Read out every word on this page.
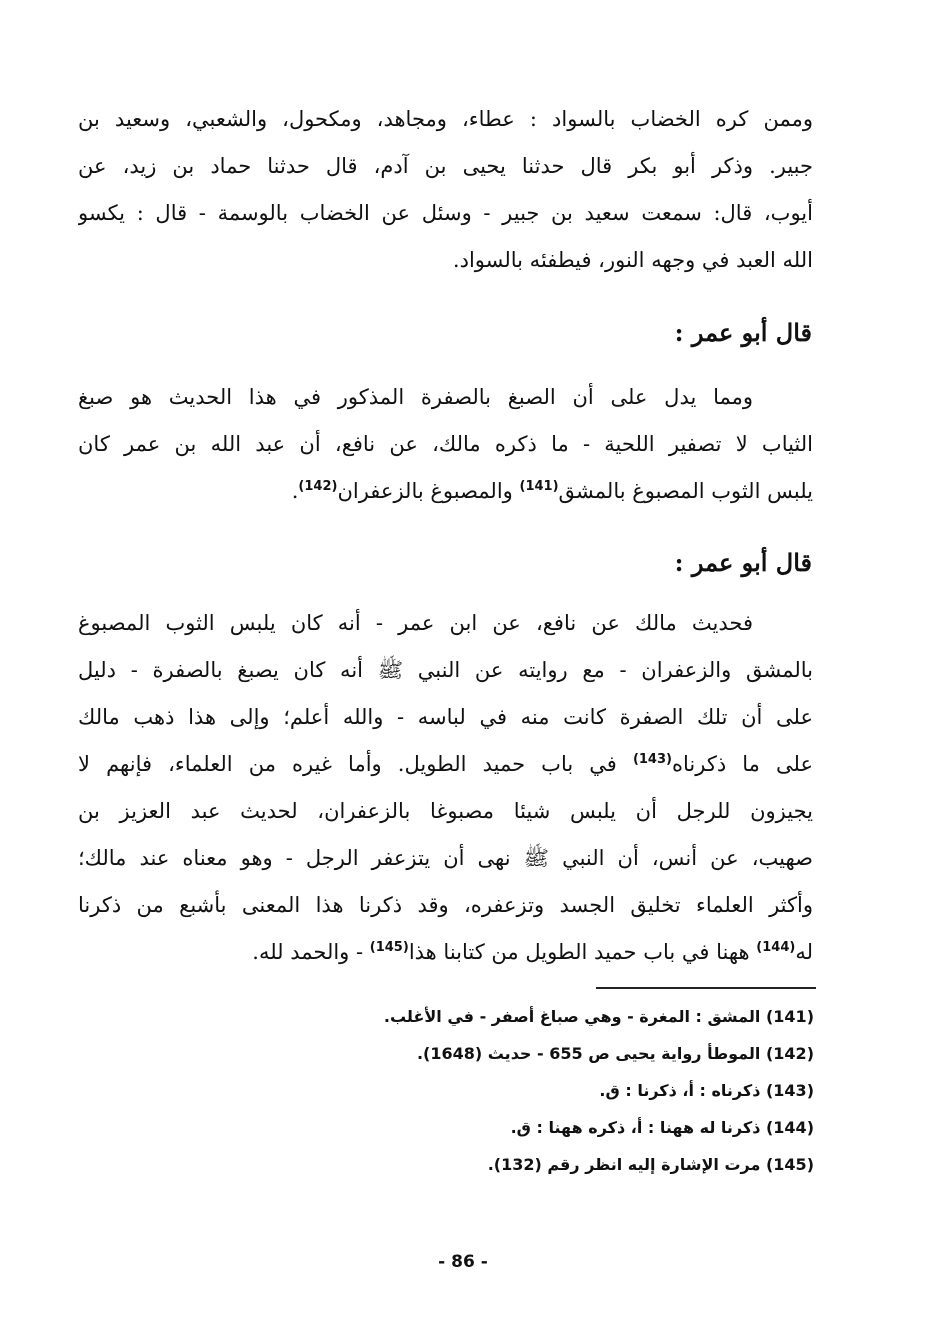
وممن كره الخضاب بالسواد : عطاء، ومجاهد، ومكحول، والشعبي، وسعيد بن
جبير. وذكر أبو بكر قال حدثنا يحيى بن آدم، قال حدثنا حماد بن زيد، عن
أيوب، قال: سمعت سعيد بن جبير - وسئل عن الخضاب بالوسمة - قال : يكسو
الله العبد في وجهه النور، فيطفئه بالسواد.
قال أبو عمر :
ومما يدل على أن الصبغ بالصفرة المذكور في هذا الحديث هو صبغ
الثياب لا تصفير اللحية - ما ذكره مالك، عن نافع، أن عبد الله بن عمر كان
يلبس الثوب المصبوغ بالمشق$^{(141)}$ والمصبوغ بالزعفران$^{(142)}$.
قال أبو عمر :
فحديث مالك عن نافع، عن ابن عمر - أنه كان يلبس الثوب المصبوغ
بالمشق والزعفران - مع روايته عن النبي ﷺ أنه كان يصبغ بالصفرة - دليل
على أن تلك الصفرة كانت منه في لباسه - والله أعلم؛ وإلى هذا ذهب مالك
على ما ذكرناه$^{(143)}$ في باب حميد الطويل. وأما غيره من العلماء، فإنهم لا
يجيزون للرجل أن يلبس شيئا مصبوغا بالزعفران، لحديث عبد العزيز بن
صهيب، عن أنس، أن النبي ﷺ نهى أن يتزعفر الرجل - وهو معناه عند مالك؛
وأكثر العلماء تخليق الجسد وتزعفره، وقد ذكرنا هذا المعنى بأشبع من ذكرنا
له$^{(144)}$ ههنا في باب حميد الطويل من كتابنا هذا$^{(145)}$ - والحمد لله.
(141) المشق : المغرة - وهي صباغ أصفر - في الأغلب.
(142) الموطأ رواية يحيى ص 655 - حديث (1648).
(143) ذكرناه : أ، ذكرنا : ق.
(144) ذكرنا له ههنا : أ، ذكره ههنا : ق.
(145) مرت الإشارة إليه انظر رقم (132).
- 86 -
